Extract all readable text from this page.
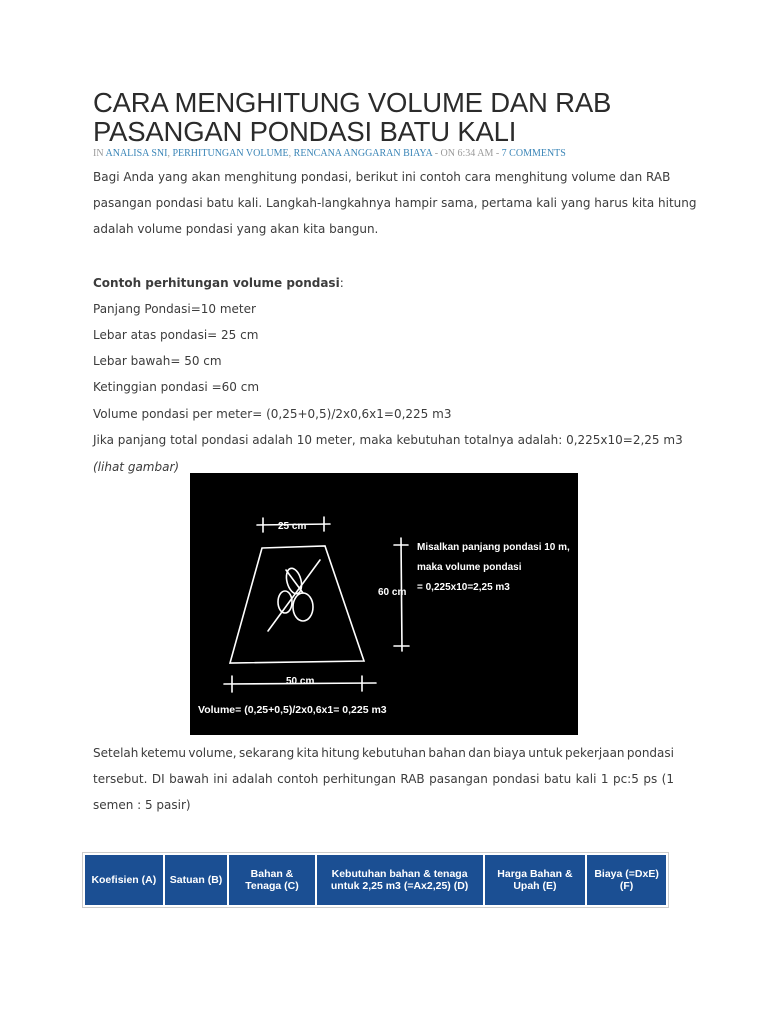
CARA MENGHITUNG VOLUME DAN RAB
PASANGAN PONDASI BATU KALI
IN ANALISA SNI, PERHITUNGAN VOLUME, RENCANA ANGGARAN BIAYA - ON 6:34 AM - 7 COMMENTS

Bagi Anda yang akan menghitung pondasi, berikut ini contoh cara menghitung volume dan RAB
pasangan pondasi batu kali. Langkah-langkahnya hampir sama, pertama kali yang harus kita hitung
adalah volume pondasi yang akan kita bangun.

Contoh perhitungan volume pondasi:
Panjang Pondasi=10 meter
Lebar atas pondasi= 25 cm
Lebar bawah= 50 cm
Ketinggian pondasi =60 cm
Volume pondasi per meter= (0,25+0,5)/2x0,6x1=0,225 m3
Jika panjang total pondasi adalah 10 meter, maka kebutuhan totalnya adalah: 0,225x10=2,25 m3
(lihat gambar)
25 cm
50 cm
60 cm
Misalkan panjang pondasi 10 m,
maka volume pondasi
= 0,225x10=2,25 m3
Volume= (0,25+0,5)/2x0,6x1= 0,225 m3
Setelah ketemu volume, sekarang kita hitung kebutuhan bahan dan biaya untuk pekerjaan pondasi
tersebut. DI bawah ini adalah contoh perhitungan RAB pasangan pondasi batu kali 1 pc:5 ps (1
semen : 5 pasir)
Koefisien (A)	Satuan (B)	Bahan & Tenaga (C)	Kebutuhan bahan & tenaga untuk 2,25 m3 (=Ax2,25) (D)	Harga Bahan & Upah (E)	Biaya (=DxE) (F)
